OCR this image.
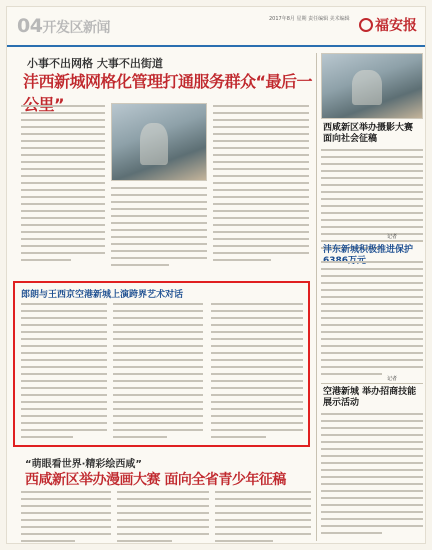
04开发区新闻
2017年8月 星期 责任编辑 美术编辑	福安报
小事不出网格 大事不出街道
沣西新城网格化管理打通服务群众“最后一
西咸新区举办摄影大赛 面向社会征稿
记者
沣东新城积极推进保护
记者
空港新城 举办招商技能展示活动
郎朗与王西京空港新城上演跨界艺术对话
“萌眼看世界·精彩绘西咸”
西咸新区举办漫画大赛 面向全省青少年征稿
